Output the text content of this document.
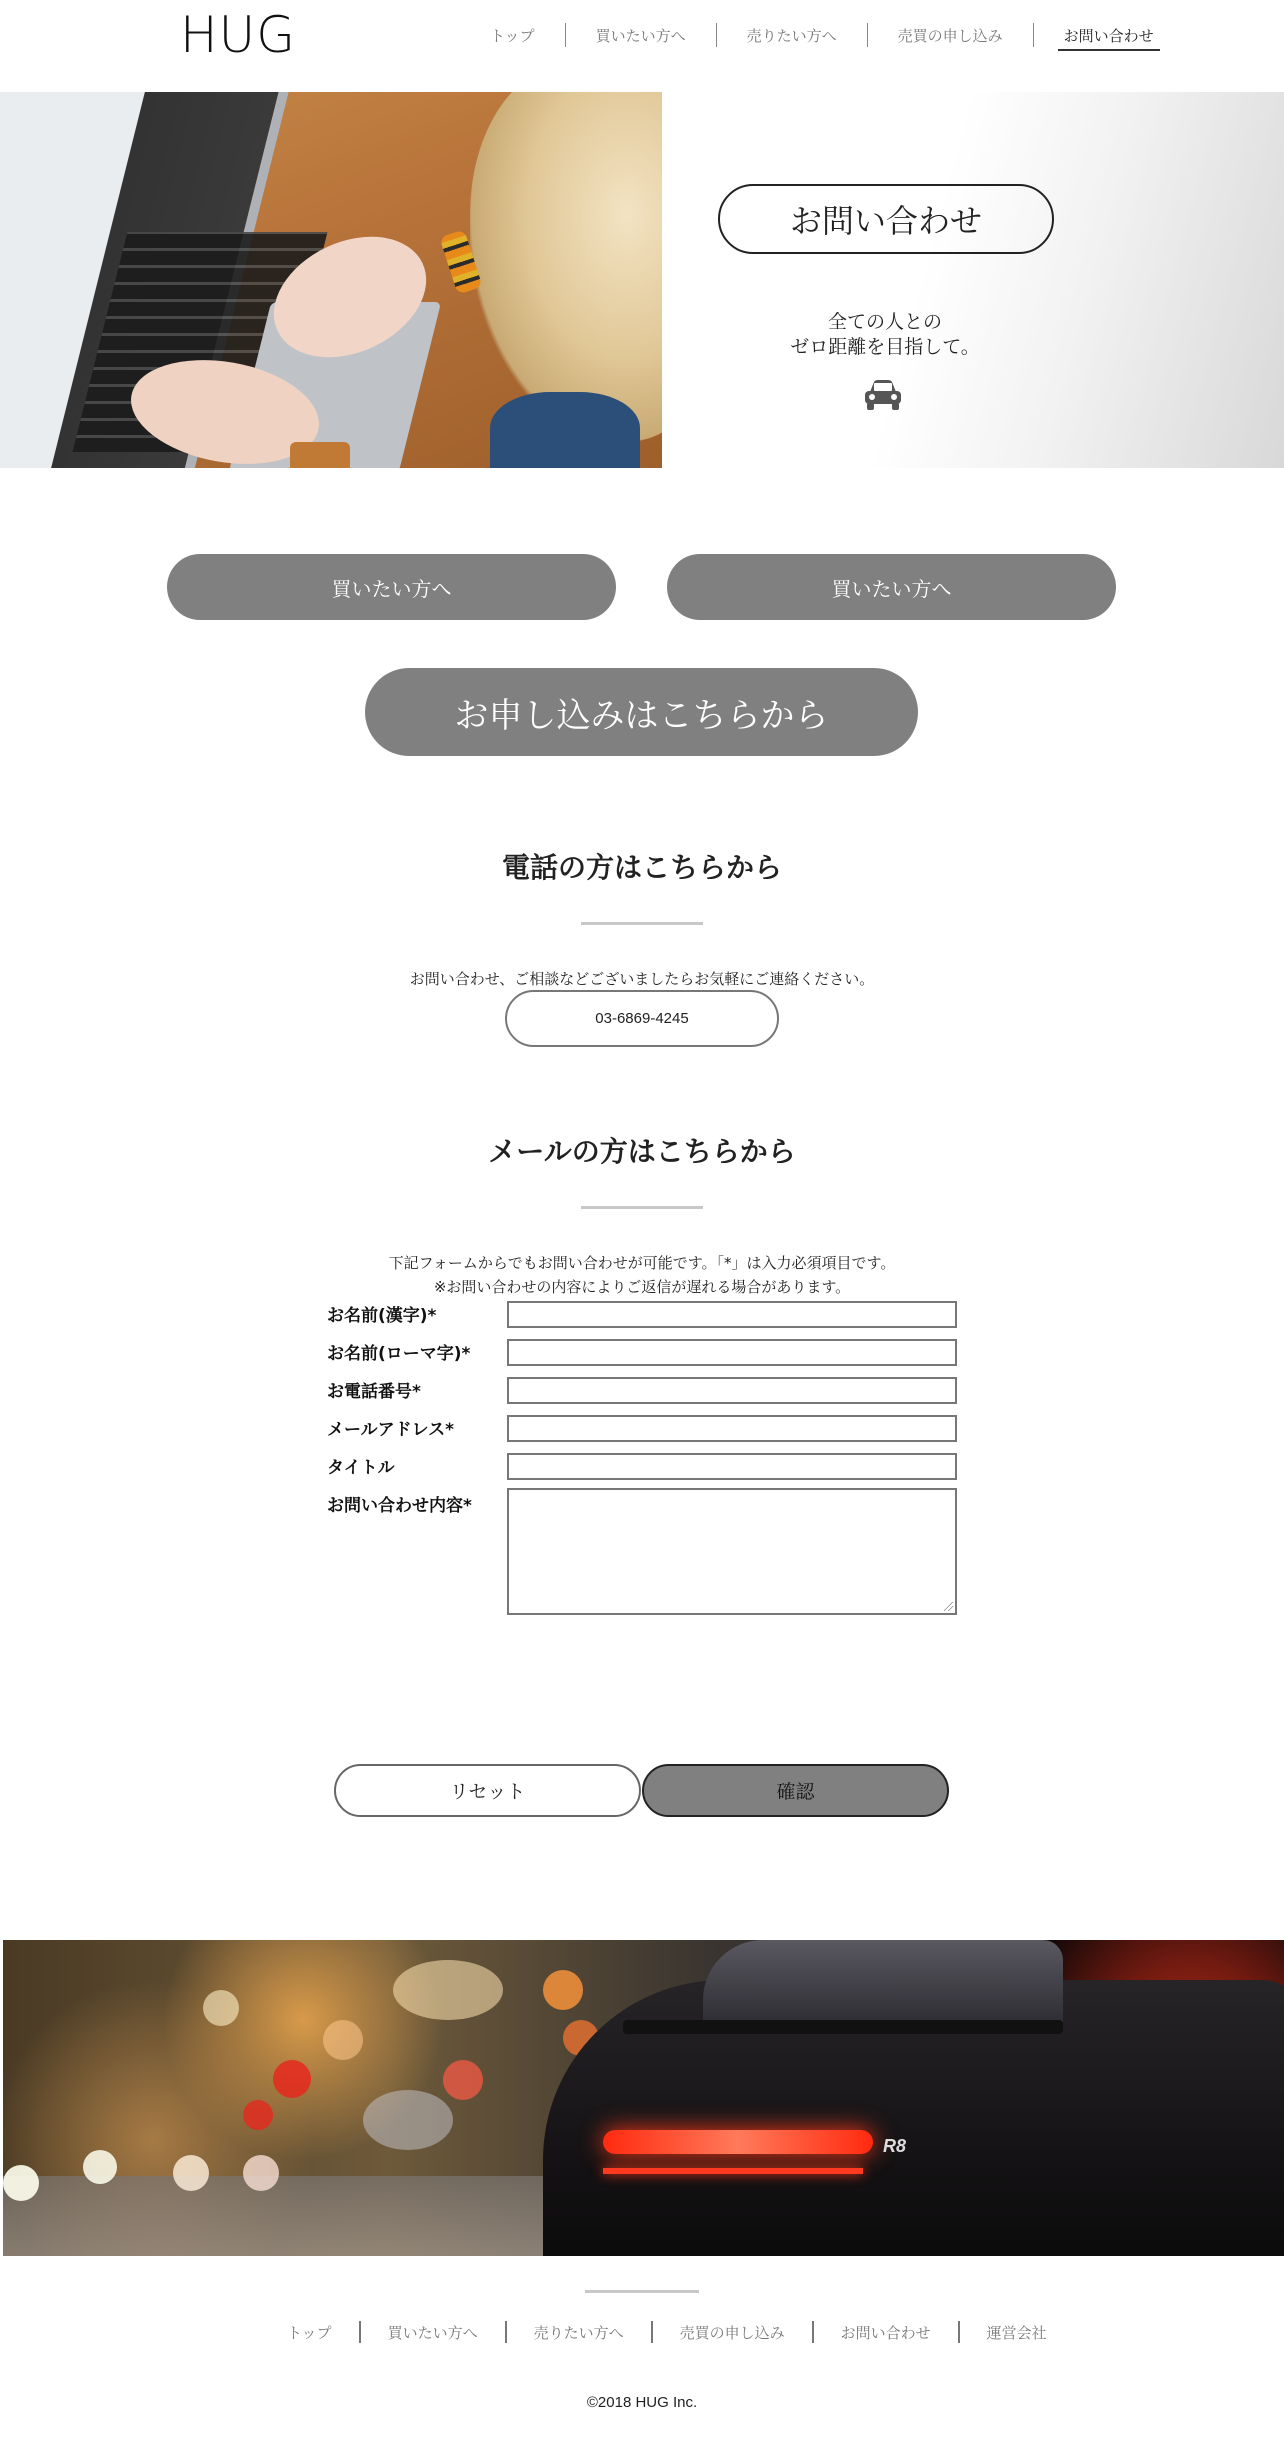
HUG	トップ	買いたい方へ	売りたい方へ	売買の申し込み	お問い合わせ
お問い合わせ
全ての人との
ゼロ距離を目指して。
買いたい方へ	買いたい方へ
お申し込みはこちらから
電話の方はこちらから

お問い合わせ、ご相談などございましたらお気軽にご連絡ください。

03-6869-4245
メールの方はこちらから

下記フォームからでもお問い合わせが可能です。「*」は入力必須項目です。

※お問い合わせの内容によりご返信が遅れる場合があります。

お名前(漢字)*
お名前(ローマ字)*
お電話番号*
メールアドレス*
タイトル
お問い合わせ内容*
リセット	確認
R8
トップ	買いたい方へ	売りたい方へ	売買の申し込み	お問い合わせ	運営会社
©2018 HUG Inc.
